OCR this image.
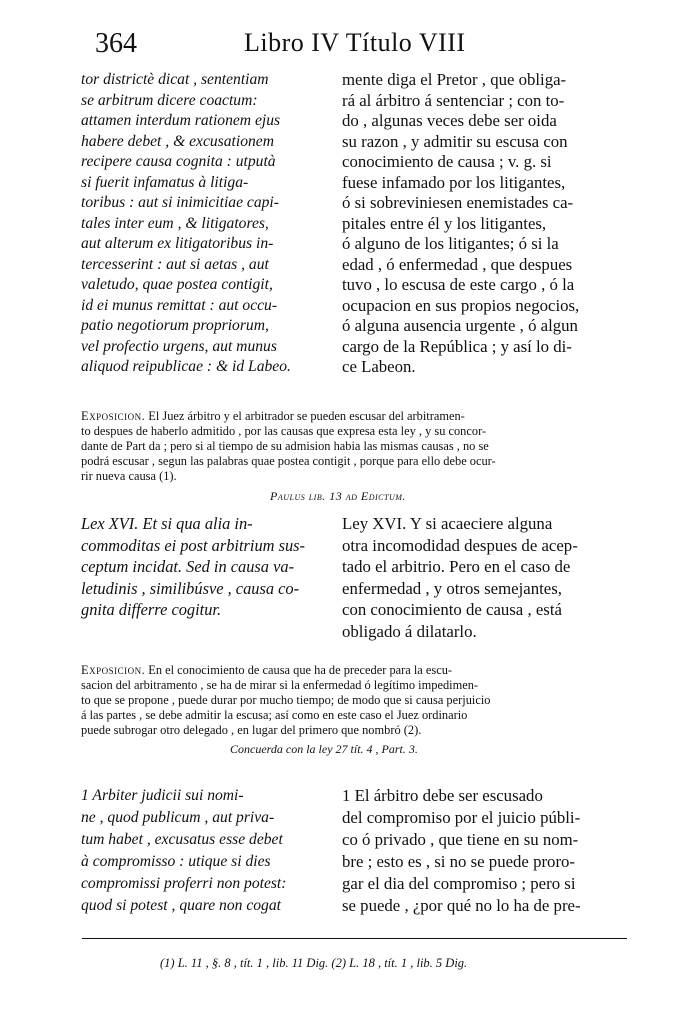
364	Libro IV Título VIII
tor districtè dicat , sententiam
se arbitrum dicere coactum:
attamen interdum rationem ejus
habere debet , & excusationem
recipere causa cognita : utputà
si fuerit infamatus à litiga-
toribus : aut si inimicitiae capi-
tales inter eum , & litigatores,
aut alterum ex litigatoribus in-
tercesserint : aut si aetas , aut
valetudo, quae postea contigit,
id ei munus remittat : aut occu-
patio negotiorum propriorum,
vel profectio urgens, aut munus
aliquod reipublicae : & id Labeo.
mente diga el Pretor , que obliga-
rá al árbitro á sentenciar ; con to-
do , algunas veces debe ser oida
su razon , y admitir su escusa con
conocimiento de causa ; v. g. si
fuese infamado por los litigantes,
ó si sobreviniesen enemistades ca-
pitales entre él y los litigantes,
ó alguno de los litigantes; ó si la
edad , ó enfermedad , que despues
tuvo , lo escusa de este cargo , ó la
ocupacion en sus propios negocios,
ó alguna ausencia urgente , ó algun
cargo de la República ; y así lo di-
ce Labeon.
Exposicion. El Juez árbitro y el arbitrador se pueden escusar del arbitramen-
to despues de haberlo admitido , por las causas que expresa esta ley , y su concor-
dante de Part da ; pero si al tiempo de su admision habia las mismas causas , no se
podrá escusar , segun las palabras quae postea contigit , porque para ello debe ocur-
rir nueva causa (1).
Paulus lib. 13 ad Edictum.
Lex XVI. Et si qua alia in-
commoditas ei post arbitrium sus-
ceptum incidat. Sed in causa va-
letudinis , similibúsve , causa co-
gnita differre cogitur.
Ley XVI. Y si acaeciere alguna
otra incomodidad despues de acep-
tado el arbitrio. Pero en el caso de
enfermedad , y otros semejantes,
con conocimiento de causa , está
obligado á dilatarlo.
Exposicion. En el conocimiento de causa que ha de preceder para la escu-
sacion del arbitramento , se ha de mirar si la enfermedad ó legítimo impedimen-
to que se propone , puede durar por mucho tiempo; de modo que si causa perjuicio
á las partes , se debe admitir la escusa; así como en este caso el Juez ordinario
puede subrogar otro delegado , en lugar del primero que nombró (2).
Concuerda con la ley 27 tít. 4 , Part. 3.
1 Arbiter judicii sui nomi-
ne , quod publicum , aut priva-
tum habet , excusatus esse debet
à compromisso : utique si dies
compromissi proferri non potest:
quod si potest , quare non cogat
1 El árbitro debe ser escusado
del compromiso por el juicio públi-
co ó privado , que tiene en su nom-
bre ; esto es , si no se puede proro-
gar el dia del compromiso ; pero si
se puede , ¿por qué no lo ha de pre-
(1) L. 11 , §. 8 , tít. 1 , lib. 11 Dig. (2) L. 18 , tít. 1 , lib. 5 Dig.
